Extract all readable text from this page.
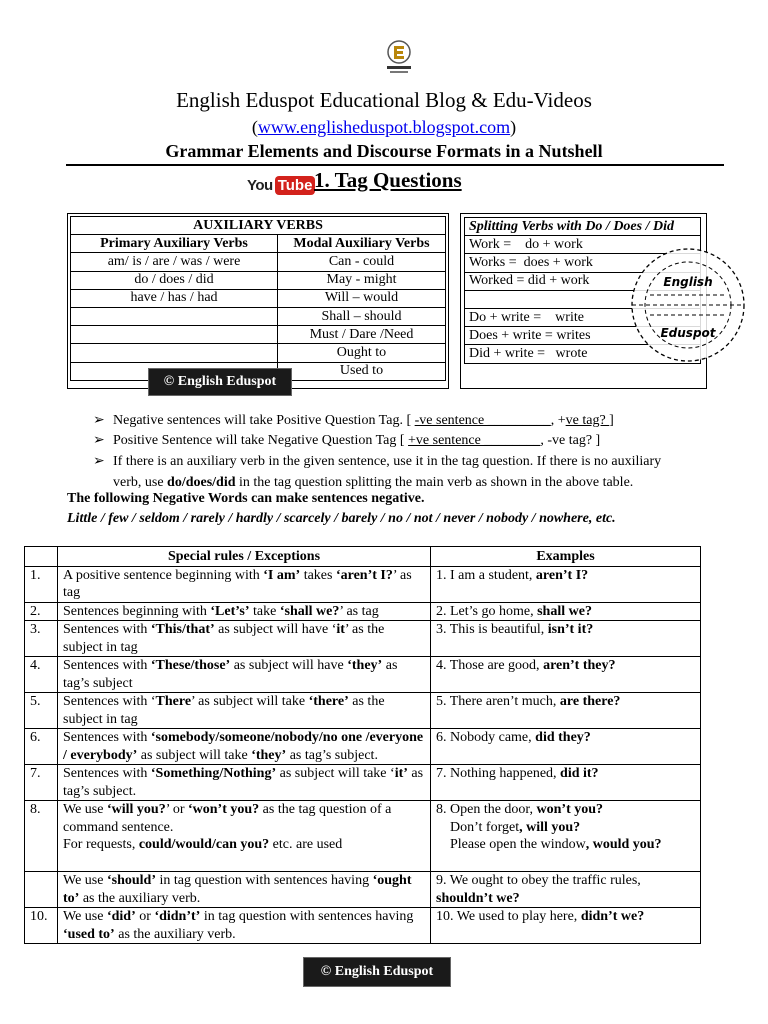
English Eduspot Educational Blog & Edu-Videos
(www.englisheduspot.blogspot.com)
Grammar Elements and Discourse Formats in a Nutshell
You Tube 1. Tag Questions
AUXILIARY VERBS	
Primary Auxiliary Verbs	Modal Auxiliary Verbs
am/ is / are / was / were	Can - could
do / does / did	May - might
have / has / had	Will – would
	Shall – should
	Must / Dare /Need
	Ought to
	Used to
Splitting Verbs with Do / Does / Did
Work =    do + work
Works =  does + work
Worked = did + work

Do + write =    write
Does + write = writes
Did + write =   wrote
English
Eduspot
© English Eduspot
➢ Negative sentences will take Positive Question Tag. [ -ve sentence _________, +ve tag? ]
➢ Positive Sentence will take Negative Question Tag [ +ve sentence ________, -ve tag? ]
➢ If there is an auxiliary verb in the given sentence, use it in the tag question. If there is no auxiliary
verb, use do/does/did in the tag question splitting the main verb as shown in the above table.
The following Negative Words can make sentences negative.
Little / few / seldom / rarely / hardly / scarcely / barely / no / not / never / nobody / nowhere, etc.
	Special rules / Exceptions	Examples
1.	A positive sentence beginning with ‘I am’ takes ‘aren’t I?’ as tag	1. I am a student, aren’t I?
2.	Sentences beginning with ‘Let’s’ take ‘shall we?’ as tag	2. Let’s go home, shall we?
3.	Sentences with ‘This/that’ as subject will have ‘it’ as the subject in tag	3. This is beautiful, isn’t it?
4.	Sentences with ‘These/those’ as subject will have ‘they’ as tag’s subject	4. Those are good, aren’t they?
5.	Sentences with ‘There’ as subject will take ‘there’ as the subject in tag	5. There aren’t much, are there?
6.	Sentences with ‘somebody/someone/nobody/no one /everyone / everybody’ as subject will take ‘they’ as tag’s subject.	6. Nobody came, did they?
7.	Sentences with ‘Something/Nothing’ as subject will take ‘it’ as tag’s subject.	7. Nothing happened, did it?
8.	We use ‘will you?’ or ‘won’t you? as the tag question of a command sentence.
For requests, could/would/can you? etc. are used	8. Open the door, won’t you?
Don’t forget, will you?
Please open the window, would you?

	We use ‘should’ in tag question with sentences having ‘ought to’ as the auxiliary verb.	9. We ought to obey the traffic rules, shouldn’t we?
10.	We use ‘did’ or ‘didn’t’ in tag question with sentences having ‘used to’ as the auxiliary verb.	10. We used to play here, didn’t we?
© English Eduspot
